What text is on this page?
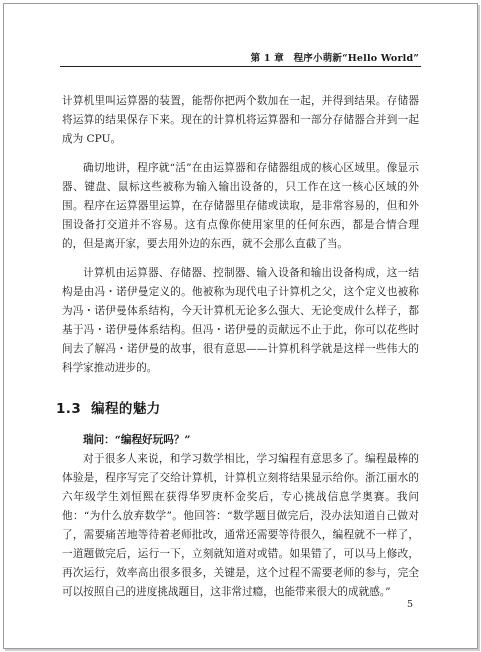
第 1 章　程序小萌新“Hello World”

计算机里叫运算器的装置，能帮你把两个数加在一起，并得到结果。存储器将运算的结果保存下来。现在的计算机将运算器和一部分存储器合并到一起成为 CPU。

确切地讲，程序就“活”在由运算器和存储器组成的核心区域里。像显示器、键盘、鼠标这些被称为输入输出设备的，只工作在这一核心区域的外围。程序在运算器里运算，在存储器里存储或读取，是非常容易的，但和外围设备打交道并不容易。这有点像你使用家里的任何东西，都是合情合理的，但是离开家，要去用外边的东西，就不会那么直截了当。

计算机由运算器、存储器、控制器、输入设备和输出设备构成，这一结构是由冯・诺伊曼定义的。他被称为现代电子计算机之父，这个定义也被称为冯・诺伊曼体系结构，今天计算机无论多么强大、无论变成什么样子，都基于冯・诺伊曼体系结构。但冯・诺伊曼的贡献远不止于此，你可以花些时间去了解冯・诺伊曼的故事，很有意思——计算机科学就是这样一些伟大的科学家推动进步的。

1.3 编程的魅力

瑞问：“编程好玩吗？”

对于很多人来说，和学习数学相比，学习编程有意思多了。编程最棒的体验是，程序写完了交给计算机，计算机立刻将结果显示给你。浙江丽水的六年级学生刘恒熙在获得华罗庚杯金奖后，专心挑战信息学奥赛。我问他：“为什么放弃数学”。他回答：“数学题目做完后，没办法知道自己做对了，需要痛苦地等待着老师批改，通常还需要等待很久，编程就不一样了，一道题做完后，运行一下，立刻就知道对或错。如果错了，可以马上修改，再次运行，效率高出很多很多，关键是，这个过程不需要老师的参与，完全可以按照自己的进度挑战题目，这非常过瘾，也能带来很大的成就感。”

5
